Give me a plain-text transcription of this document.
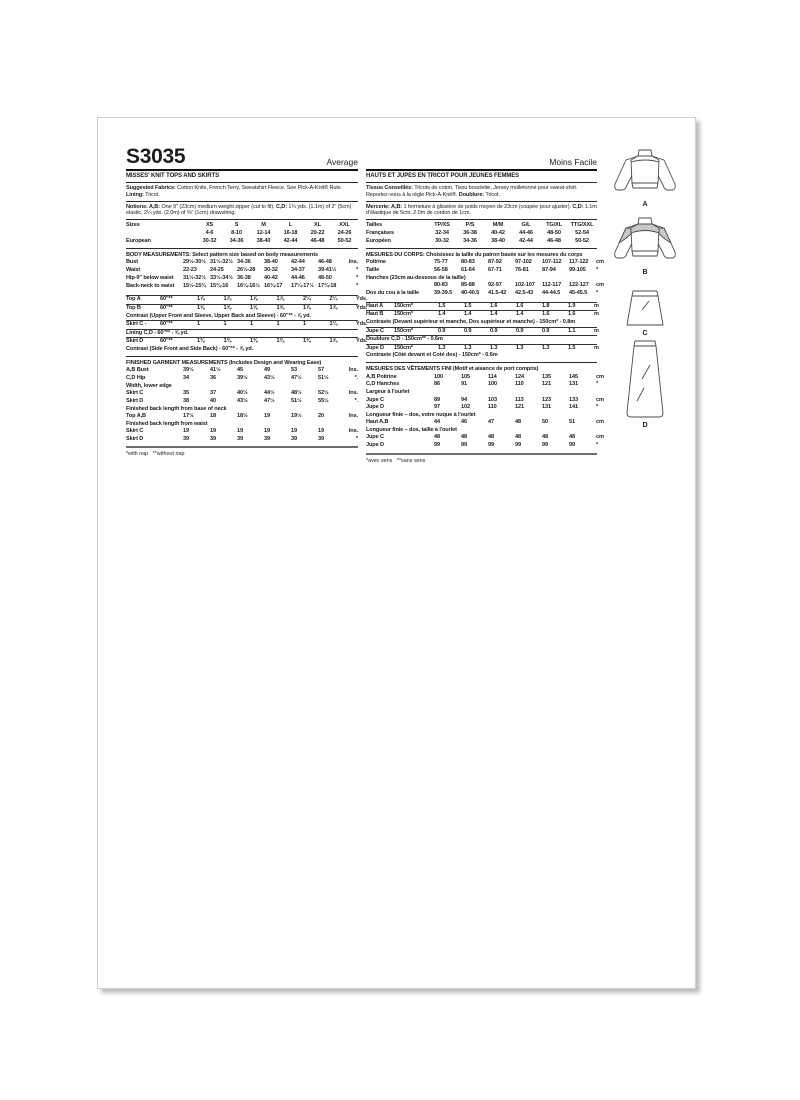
S3035	Average
MISSES' KNIT TOPS AND SKIRTS
Suggested Fabrics: Cotton Knits, French Terry, Sweatshirt Fleece. See Pick-A-Knit® Rule.
Lining: Tricot.
Notions: A,B: One 9" (23cm) medium-weight zipper (cut to fit). C,D: 1¼ yds. (1.1m) of 2" (5cm)
elastic, 2¼ yds. (2.0m) of ⅜" (1cm) drawstring.
Sizes	XS	S	M	L	XL	XXL
4-6	8-10	12-14	16-18	20-22	24-26
European	30-32	34-36	38-40	42-44	46-48	50-52
BODY MEASUREMENTS: Select pattern size based on body measurements
Bust	29½-30½ 31½-32½ 34-36	38-40	42-44	46-48	Ins.
Waist	22-23	24-25	26½-28	30-32	34-37	39-41½	*
Hip-9" below waist	31½-32½ 33½-34½ 36-38	40-42	44-46	48-50	*
Back-neck to waist	15½-15¾ 15¾-16	16¼-16½ 16¾-17	17¼-17½ 17¾-18	*
Top A	60"**	1⅞	1⅞	1⅞	1⅞	2¼	2¼	Yds.
Top B	60"**	1⅝	1⅝	1⅝	1⅝	1⅞	1⅞	Yds.
Contrast (Upper Front and Sleeve, Upper Back and Sleeve) - 60"** - ⅞ yd.
Skirt C -	60"**	1	1	1	1	1	1⅛	Yds.
Lining C,D - 60"** - ⅝ yd.
Skirt D	60"**	1⅜	1⅜	1⅜	1⅜	1⅜	1⅝	Yds.
Contrast (Side Front and Side Back) - 60"** - ⅝ yd.
FINISHED GARMENT MEASUREMENTS (Includes Design and Wearing Ease)
A,B Bust	39½	41½	45	49	53	57	Ins.
C,D Hip	34	36	39½	43½	47½	51½	*.
Width, lower edge
Skirt C	35	37	40½	44½	48½	52½	Ins.
Skirt D	38	40	43½	47½	51½	55½	*.
Finished back length from base of neck
Top A,B	17½	18	18½	19	19½	20	Ins.
Finished back length from waist
Skirt C	19	19	19	19	19	19	Ins.
Skirt D	39	39	39	39	39	39	*
*with nap   **without nap
Moins Facile
HAUTS ET JUPES EN TRICOT POUR JEUNES FEMMES
Tissus Conseillés: Tricots de coton, Tissu bouclette, Jersey molletonné pour sweat-shirt.
Reportez-vous à la règle Pick-A-Knit®. Doublure: Tricot.
Mercerie: A,B: 1 fermeture à glissière de poids moyen de 23cm (coupée pour ajuster). C,D: 1.1m
d'élastique de 5cm, 2.0m de cordon de 1cm.
Tailles	TP/XS	P/S	M/M	G/L	TG/XL	TTG/XXL
Françaises	32-34	36-38	40-42	44-46	48-50	52-54
Européen	30-32	34-36	38-40	42-44	46-48	50-52
MESURES DU CORPS: Choisissez la taille du patron basée sur les mesures du corps
Poitrine	75-77	80-83	87-92	97-102	107-112	117-122	cm
Taille	56-58	61-64	67-71	76-81	87-94	99-105	*
Hanches (23cm au-dessous de la taille)
80-83	85-88	92-97	102-107	112-117	122-127	cm
Dos du cou à la taille	39-39.5	40-40.5	41.5-42	42.5-43	44-44.5	45-45.5	*
Haut A	150cm*	1.5	1.5	1.6	1.6	1.8	1.9	m
Haut B	150cm*	1.4	1.4	1.4	1.4	1.6	1.6	m
Contraste (Devant supérieur et manche, Dos supérieur et manche) - 150cm* - 0.8m
Jupe C	150cm*	0.9	0.9	0.9	0.9	0.9	1.1	m
Doublure C,D - 150cm** - 0.6m
Jupe D	150cm*	1.3	1.3	1.3	1.3	1.3	1.5	m
Contraste (Côté devant et Coté dos) - 150cm* - 0.6m
MESURES DES VÊTEMENTS FINI (Motif et aisance de port compris)
A,B Poitrine	100	105	114	124	135	145	cm
C,D Hanches	86	91	100	110	121	131	*
Largeur à l'ourlet
Jupe C	89	94	103	113	123	133	cm
Jupe D	97	102	110	121	131	141	*
Longueur finie – dos, votre nuque à l'ourlet
Haut A,B	44	46	47	48	50	51	cm
Longueur finie – dos, taille à l'ourlet
Jupe C	48	48	48	48	48	48	cm
Jupe D	99	99	99	99	99	99	*
*avec sens   **sans sens
A
B
C
D
